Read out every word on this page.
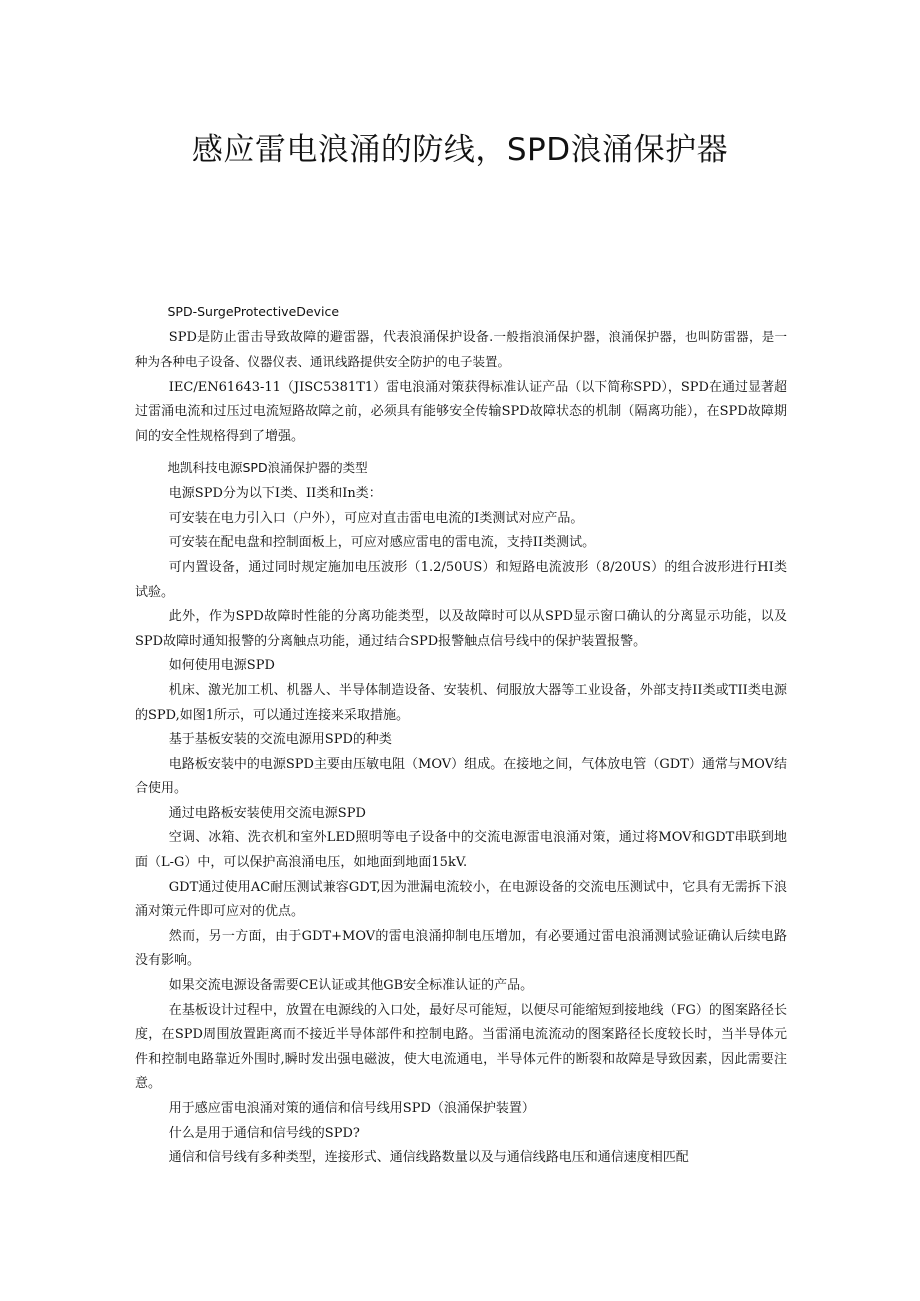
感应雷电浪涌的防线，SPD浪涌保护器

SPD-SurgeProtectiveDevice

SPD是防止雷击导致故障的避雷器，代表浪涌保护设备.一般指浪涌保护器，浪涌保护器，也叫防雷器，是一种为各种电子设备、仪器仪表、通讯线路提供安全防护的电子装置。

IEC/EN61643-11（JISC5381T1）雷电浪涌对策获得标准认证产品（以下简称SPD），SPD在通过显著超过雷涌电流和过压过电流短路故障之前，必须具有能够安全传输SPD故障状态的机制（隔离功能），在SPD故障期间的安全性规格得到了增强。

地凯科技电源SPD浪涌保护器的类型

电源SPD分为以下I类、II类和In类：

可安装在电力引入口（户外），可应对直击雷电电流的I类测试对应产品。

可安装在配电盘和控制面板上，可应对感应雷电的雷电流，支持II类测试。

可内置设备，通过同时规定施加电压波形（1.2/50US）和短路电流波形（8/20US）的组合波形进行HI类试验。

此外，作为SPD故障时性能的分离功能类型，以及故障时可以从SPD显示窗口确认的分离显示功能，以及SPD故障时通知报警的分离触点功能，通过结合SPD报警触点信号线中的保护装置报警。

如何使用电源SPD

机床、激光加工机、机器人、半导体制造设备、安装机、伺服放大器等工业设备，外部支持II类或TII类电源的SPD,如图1所示，可以通过连接来采取措施。

基于基板安装的交流电源用SPD的种类

电路板安装中的电源SPD主要由压敏电阻（MOV）组成。在接地之间，气体放电管（GDT）通常与MOV结合使用。

通过电路板安装使用交流电源SPD

空调、冰箱、洗衣机和室外LED照明等电子设备中的交流电源雷电浪涌对策，通过将MOV和GDT串联到地面（L-G）中，可以保护高浪涌电压，如地面到地面15kV.

GDT通过使用AC耐压测试兼容GDT,因为泄漏电流较小，在电源设备的交流电压测试中，它具有无需拆下浪涌对策元件即可应对的优点。

然而，另一方面，由于GDT+MOV的雷电浪涌抑制电压增加，有必要通过雷电浪涌测试验证确认后续电路没有影响。

如果交流电源设备需要CE认证或其他GB安全标准认证的产品。

在基板设计过程中，放置在电源线的入口处，最好尽可能短，以便尽可能缩短到接地线（FG）的图案路径长度，在SPD周围放置距离而不接近半导体部件和控制电路。当雷涌电流流动的图案路径长度较长时，当半导体元件和控制电路靠近外围时,瞬时发出强电磁波，使大电流通电，半导体元件的断裂和故障是导致因素，因此需要注意。

用于感应雷电浪涌对策的通信和信号线用SPD（浪涌保护装置）

什么是用于通信和信号线的SPD?

通信和信号线有多种类型，连接形式、通信线路数量以及与通信线路电压和通信速度相匹配
